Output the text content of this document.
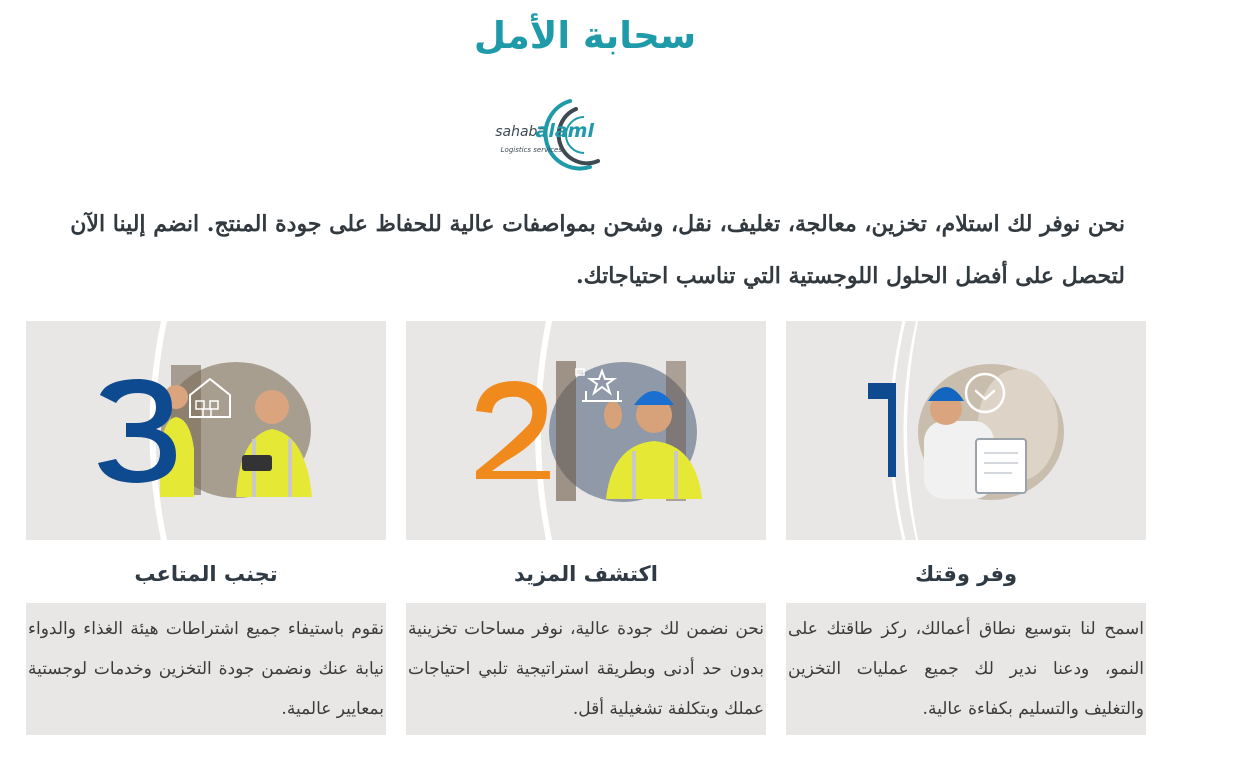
سحابة الأمل
sahaba
alaml
Logistics services

نحن نوفر لك استلام، تخزين، معالجة، تغليف، نقل، وشحن بمواصفات عالية للحفاظ على جودة المنتج. انضم إلينا الآن لتحصل على أفضل الحلول اللوجستية التي تناسب احتياجاتك.

وفر وقتك

اسمح لنا بتوسيع نطاق أعمالك، ركز طاقتك على النمو، ودعنا ندير لك جميع عمليات التخزين والتغليف والتسليم بكفاءة عالية.

اكتشف المزيد

نحن نضمن لك جودة عالية، نوفر مساحات تخزينية بدون حد أدنى وبطريقة استراتيجية تلبي احتياجات عملك وبتكلفة تشغيلية أقل.

تجنب المتاعب

نقوم باستيفاء جميع اشتراطات هيئة الغذاء والدواء نيابة عنك ونضمن جودة التخزين وخدمات لوجستية بمعايير عالمية.
